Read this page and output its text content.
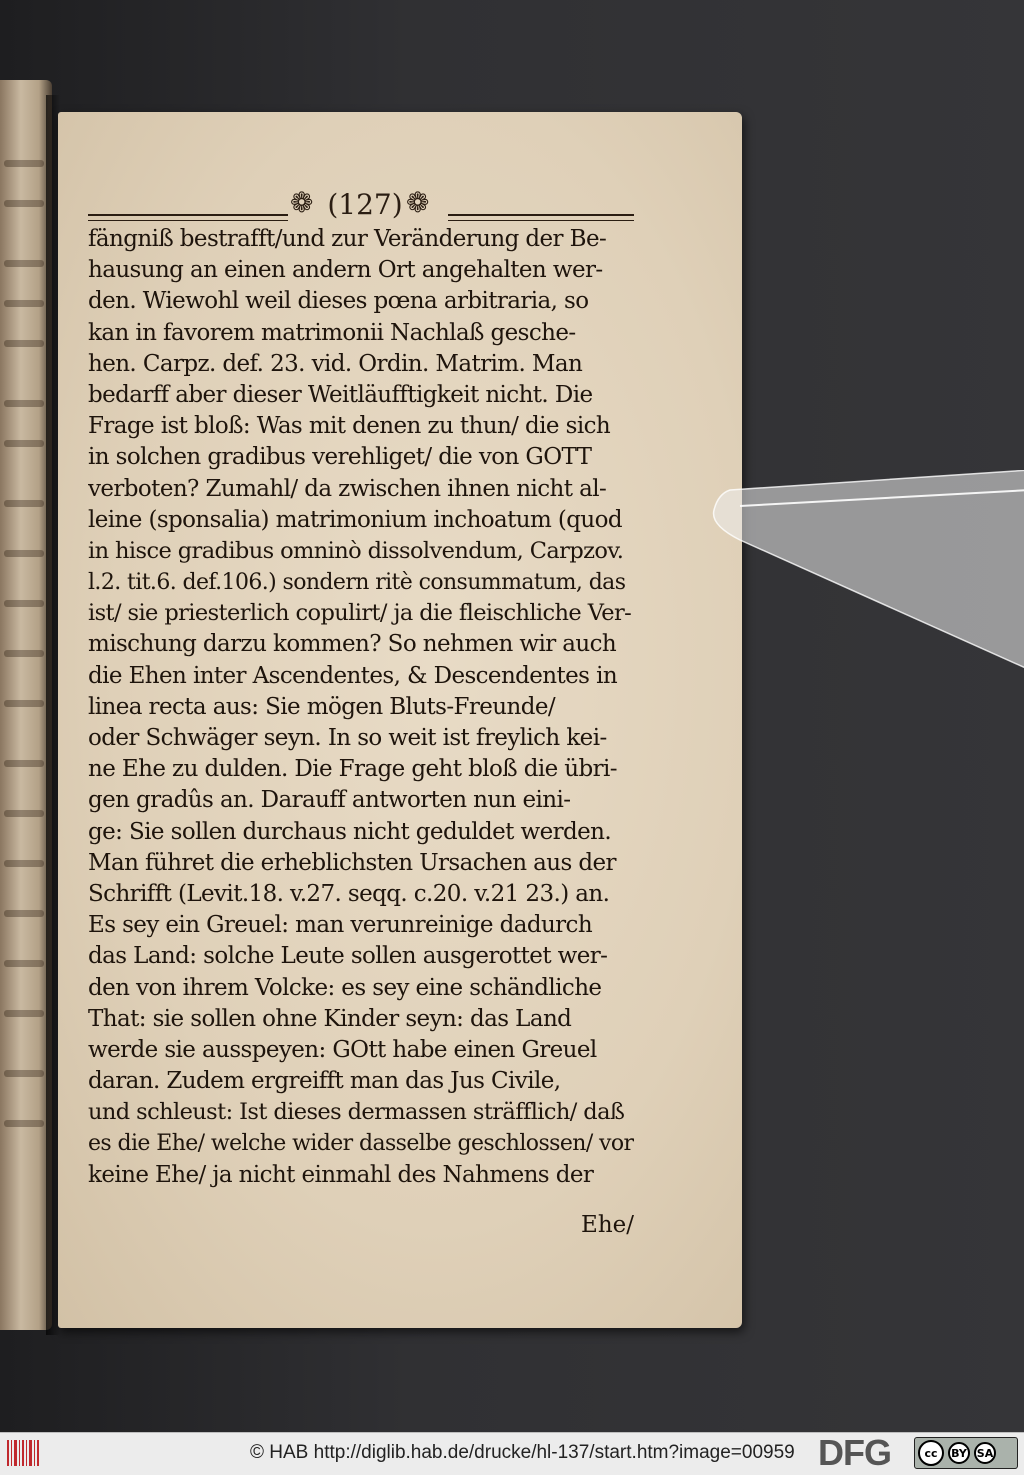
❁ (127) ❁
fängniß bestrafft/und zur Veränderung der Be-
hausung an einen andern Ort angehalten wer-
den. Wiewohl weil dieses pœna arbitraria, so
kan in favorem matrimonii Nachlaß gesche-
hen. Carpz. def. 23. vid. Ordin. Matrim. Man
bedarff aber dieser Weitläufftigkeit nicht. Die
Frage ist bloß: Was mit denen zu thun/ die sich
in solchen gradibus verehliget/ die von GOTT
verboten? Zumahl/ da zwischen ihnen nicht al-
leine (sponsalia) matrimonium inchoatum (quod
in hisce gradibus omninò dissolvendum, Carpzov.
l.2. tit.6. def.106.) sondern ritè consummatum, das
ist/ sie priesterlich copulirt/ ja die fleischliche Ver-
mischung darzu kommen? So nehmen wir auch
die Ehen inter Ascendentes, & Descendentes in
linea recta aus: Sie mögen Bluts-Freunde/
oder Schwäger seyn. In so weit ist freylich kei-
ne Ehe zu dulden. Die Frage geht bloß die übri-
gen gradûs an. Darauff antworten nun eini-
ge: Sie sollen durchaus nicht geduldet werden.
Man führet die erheblichsten Ursachen aus der
Schrifft (Levit.18. v.27. seqq. c.20. v.21 23.) an.
Es sey ein Greuel: man verunreinige dadurch
das Land: solche Leute sollen ausgerottet wer-
den von ihrem Volcke: es sey eine schändliche
That: sie sollen ohne Kinder seyn: das Land
werde sie ausspeyen: GOtt habe einen Greuel
daran. Zudem ergreifft man das Jus Civile,
und schleust: Ist dieses dermassen sträfflich/ daß
es die Ehe/ welche wider dasselbe geschlossen/ vor
keine Ehe/ ja nicht einmahl des Nahmens der
Ehe/
© HAB http://diglib.hab.de/drucke/hl-137/start.htm?image=00959 DFG	cc	BY SA
